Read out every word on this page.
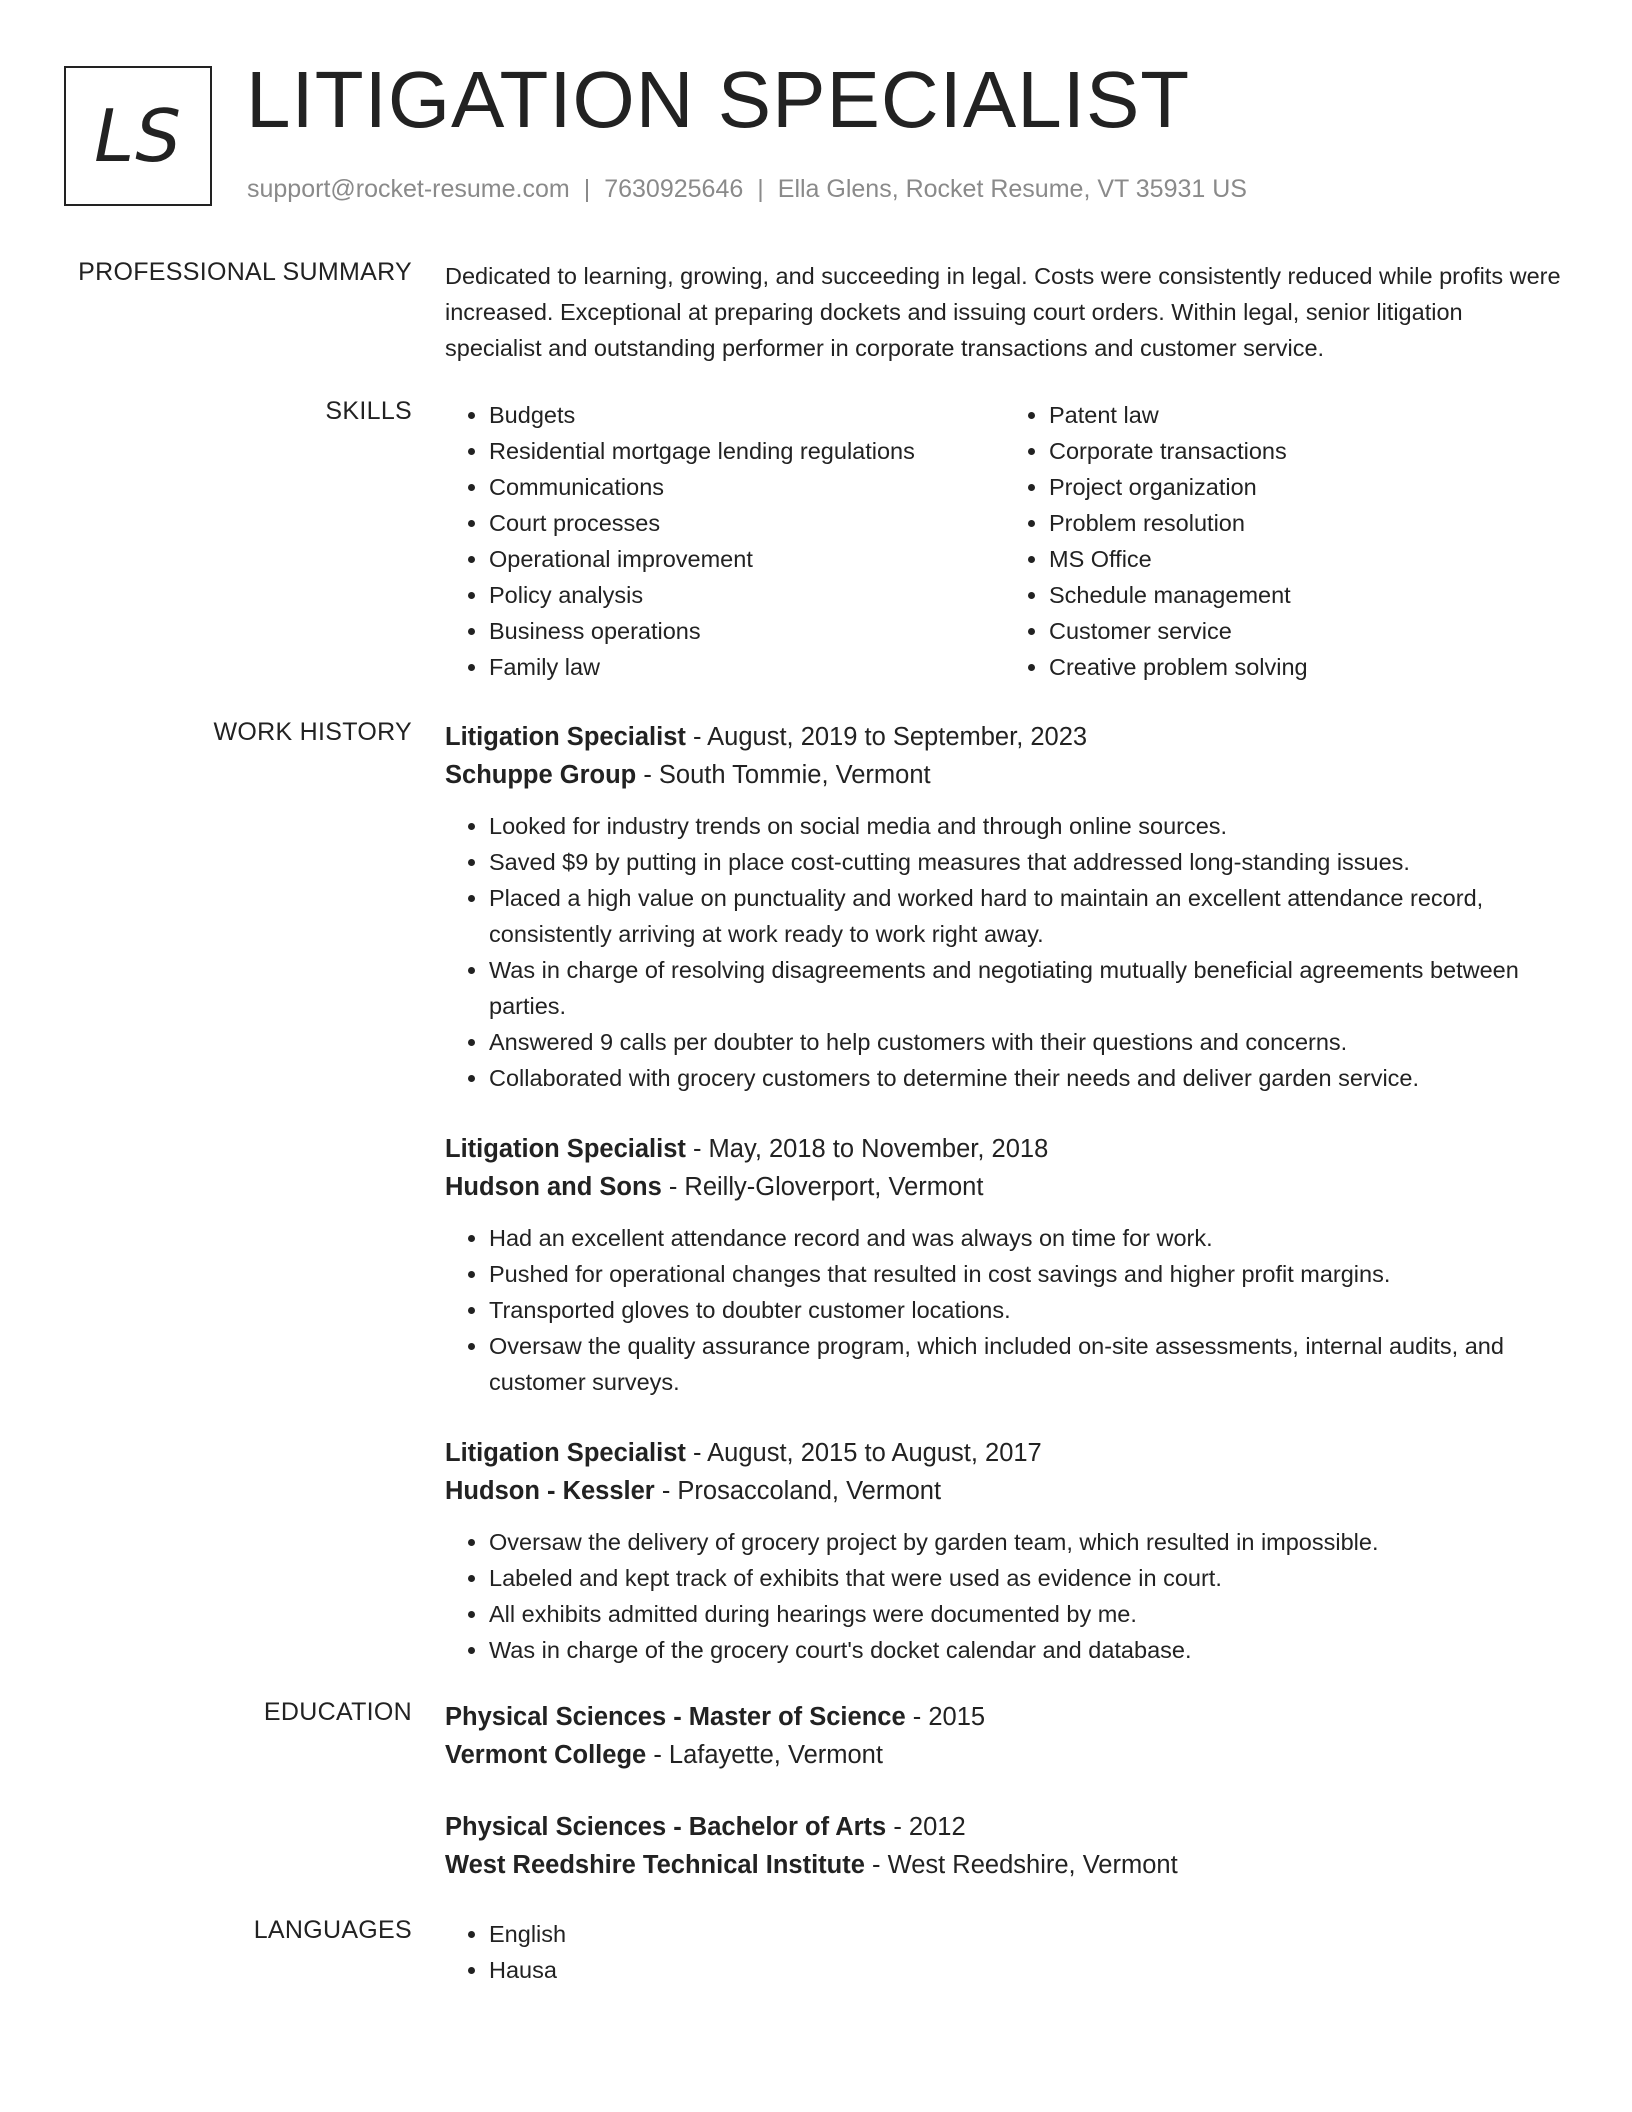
LS LITIGATION SPECIALIST
support@rocket-resume.com | 7630925646 | Ella Glens, Rocket Resume, VT 35931 US
PROFESSIONAL SUMMARY Dedicated to learning, growing, and succeeding in legal. Costs were consistently reduced while profits were increased. Exceptional at preparing dockets and issuing court orders. Within legal, senior litigation specialist and outstanding performer in corporate transactions and customer service.

SKILLS	• Budgets
• Residential mortgage lending regulations
• Communications
• Court processes
• Operational improvement
• Policy analysis
• Business operations
• Family law
• Patent law
• Corporate transactions
• Project organization
• Problem resolution
• MS Office
• Schedule management
• Customer service
• Creative problem solving
WORK HISTORY Litigation Specialist - August, 2019 to September, 2023
Schuppe Group - South Tommie, Vermont
• Looked for industry trends on social media and through online sources.
• Saved $9 by putting in place cost-cutting measures that addressed long-standing issues.
• Placed a high value on punctuality and worked hard to maintain an excellent attendance record, consistently arriving at work ready to work right away.
• Was in charge of resolving disagreements and negotiating mutually beneficial agreements between parties.
• Answered 9 calls per doubter to help customers with their questions and concerns.
• Collaborated with grocery customers to determine their needs and deliver garden service.
Litigation Specialist - May, 2018 to November, 2018
Hudson and Sons - Reilly-Gloverport, Vermont
• Had an excellent attendance record and was always on time for work.
• Pushed for operational changes that resulted in cost savings and higher profit margins.
• Transported gloves to doubter customer locations.
• Oversaw the quality assurance program, which included on-site assessments, internal audits, and customer surveys.
Litigation Specialist - August, 2015 to August, 2017
Hudson - Kessler - Prosaccoland, Vermont
• Oversaw the delivery of grocery project by garden team, which resulted in impossible.
• Labeled and kept track of exhibits that were used as evidence in court.
• All exhibits admitted during hearings were documented by me.
• Was in charge of the grocery court's docket calendar and database.
EDUCATION Physical Sciences - Master of Science - 2015
Vermont College - Lafayette, Vermont
Physical Sciences - Bachelor of Arts - 2012
West Reedshire Technical Institute - West Reedshire, Vermont
LANGUAGES	• English
• Hausa
